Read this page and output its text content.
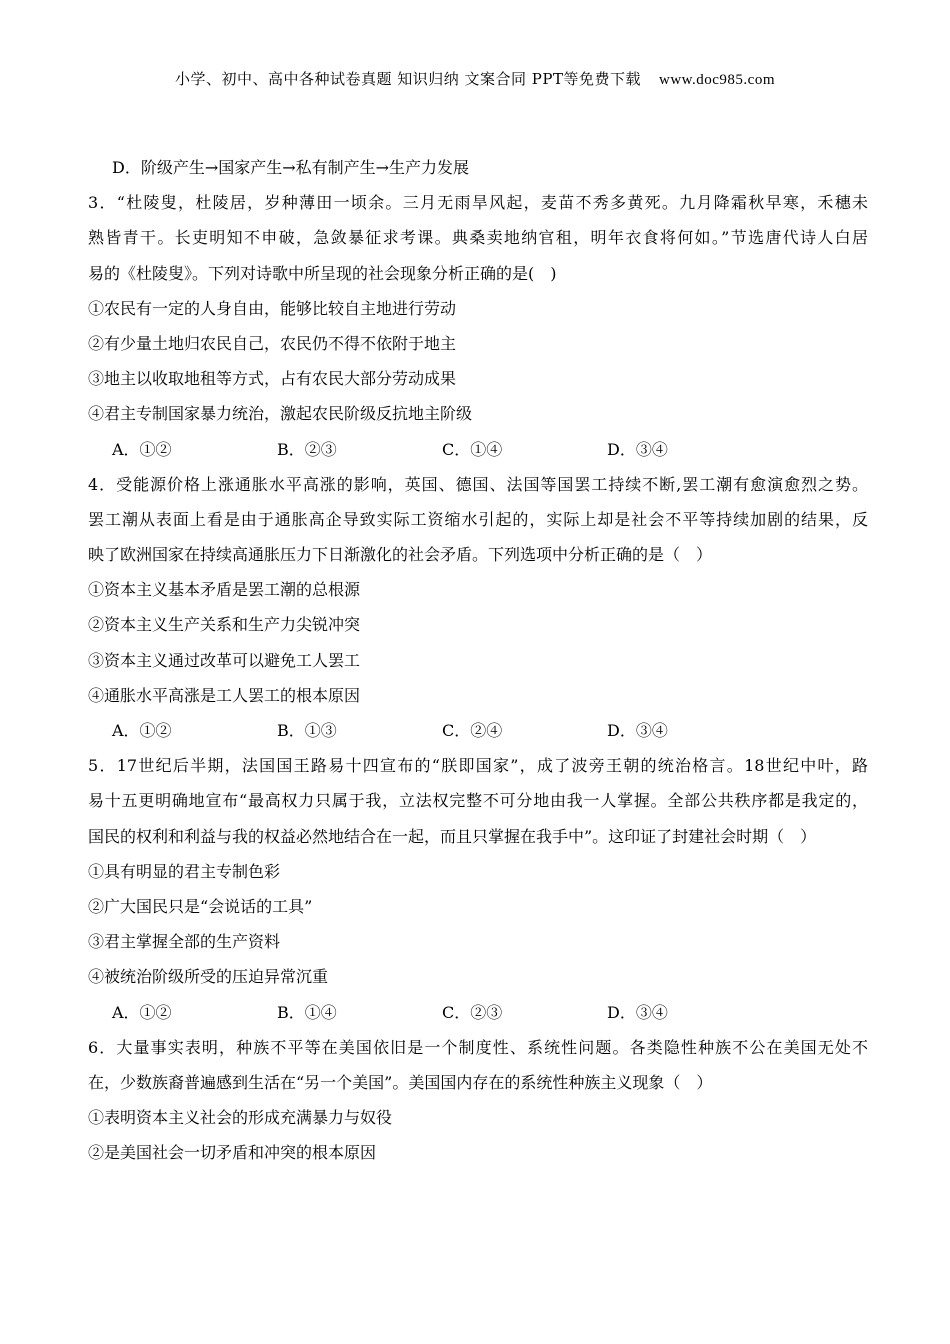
小学、初中、高中各种试卷真题 知识归纳 文案合同 PPT等免费下载 www.doc985.com
D．阶级产生→国家产生→私有制产生→生产力发展
3．“杜陵叟，杜陵居，岁种薄田一顷余。三月无雨旱风起，麦苗不秀多黄死。九月降霜秋早寒，禾穗未
熟皆青干。长吏明知不申破，急敛暴征求考课。典桑卖地纳官租，明年衣食将何如。”节选唐代诗人白居
易的《杜陵叟》。下列对诗歌中所呈现的社会现象分析正确的是(　)
①农民有一定的人身自由，能够比较自主地进行劳动
②有少量土地归农民自己，农民仍不得不依附于地主
③地主以收取地租等方式，占有农民大部分劳动成果
④君主专制国家暴力统治，激起农民阶级反抗地主阶级
A．①②	B．②③	C．①④	D．③④
4．受能源价格上涨通胀水平高涨的影响，英国、德国、法国等国罢工持续不断,罢工潮有愈演愈烈之势。
罢工潮从表面上看是由于通胀高企导致实际工资缩水引起的，实际上却是社会不平等持续加剧的结果，反
映了欧洲国家在持续高通胀压力下日渐激化的社会矛盾。下列选项中分析正确的是（　）
①资本主义基本矛盾是罢工潮的总根源
②资本主义生产关系和生产力尖锐冲突
③资本主义通过改革可以避免工人罢工
④通胀水平高涨是工人罢工的根本原因
A．①②	B．①③	C．②④	D．③④
5．17世纪后半期，法国国王路易十四宣布的“朕即国家”，成了波旁王朝的统治格言。18世纪中叶，路
易十五更明确地宣布“最高权力只属于我，立法权完整不可分地由我一人掌握。全部公共秩序都是我定的，
国民的权利和利益与我的权益必然地结合在一起，而且只掌握在我手中”。这印证了封建社会时期（　）
①具有明显的君主专制色彩
②广大国民只是“会说话的工具”
③君主掌握全部的生产资料
④被统治阶级所受的压迫异常沉重
A．①②	B．①④	C．②③	D．③④
6．大量事实表明，种族不平等在美国依旧是一个制度性、系统性问题。各类隐性种族不公在美国无处不
在，少数族裔普遍感到生活在“另一个美国”。美国国内存在的系统性种族主义现象（　）
①表明资本主义社会的形成充满暴力与奴役
②是美国社会一切矛盾和冲突的根本原因
